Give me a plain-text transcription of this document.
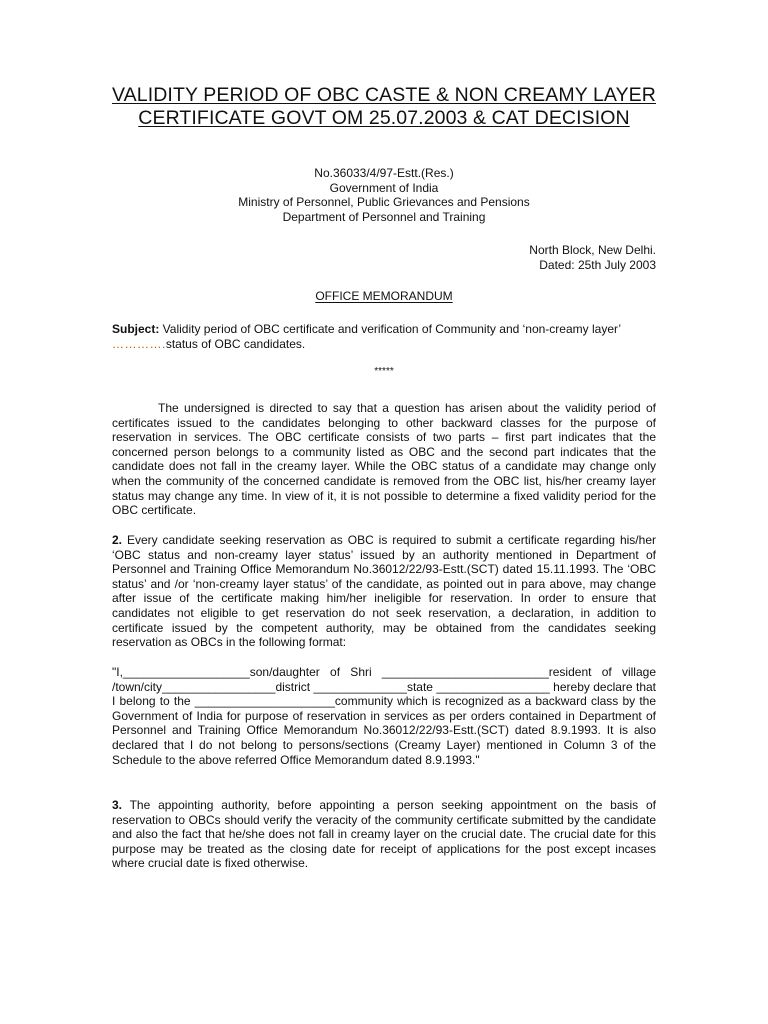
VALIDITY PERIOD OF OBC CASTE & NON CREAMY LAYER
CERTIFICATE GOVT OM 25.07.2003 & CAT DECISION
No.36033/4/97-Estt.(Res.)
Government of India
Ministry of Personnel, Public Grievances and Pensions
Department of Personnel and Training
North Block, New Delhi.
Dated: 25th July 2003
OFFICE MEMORANDUM
Subject: Validity period of OBC certificate and verification of Community and ‘non-creamy layer’
………….status of OBC candidates.
*****
The undersigned is directed to say that a question has arisen about the validity period of certificates issued to the candidates belonging to other backward classes for the purpose of reservation in services. The OBC certificate consists of two parts – first part indicates that the concerned person belongs to a community listed as OBC and the second part indicates that the candidate does not fall in the creamy layer. While the OBC status of a candidate may change only when the community of the concerned candidate is removed from the OBC list, his/her creamy layer status may change any time. In view of it, it is not possible to determine a fixed validity period for the OBC certificate.
2. Every candidate seeking reservation as OBC is required to submit a certificate regarding his/her ‘OBC status and non-creamy layer status’ issued by an authority mentioned in Department of Personnel and Training Office Memorandum No.36012/22/93-Estt.(SCT) dated 15.11.1993. The ‘OBC status’ and /or ‘non-creamy layer status’ of the candidate, as pointed out in para above, may change after issue of the certificate making him/her ineligible for reservation. In order to ensure that candidates not eligible to get reservation do not seek reservation, a declaration, in addition to certificate issued by the competent authority, may be obtained from the candidates seeking reservation as OBCs in the following format:
"I,___________________son/daughter of Shri _________________________resident of village /town/city_________________district ______________state _________________ hereby declare that I belong to the _____________________community which is recognized as a backward class by the Government of India for purpose of reservation in services as per orders contained in Department of Personnel and Training Office Memorandum No.36012/22/93-Estt.(SCT) dated 8.9.1993. It is also declared that I do not belong to persons/sections (Creamy Layer) mentioned in Column 3 of the Schedule to the above referred Office Memorandum dated 8.9.1993."
3. The appointing authority, before appointing a person seeking appointment on the basis of reservation to OBCs should verify the veracity of the community certificate submitted by the candidate and also the fact that he/she does not fall in creamy layer on the crucial date. The crucial date for this purpose may be treated as the closing date for receipt of applications for the post except incases where crucial date is fixed otherwise.
